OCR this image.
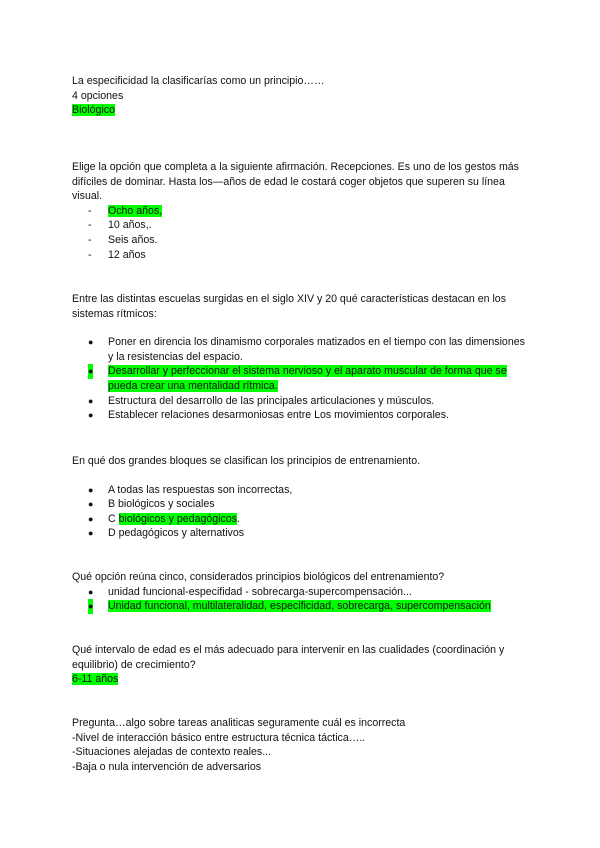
La especificidad la clasificarías como un principio……

4 opciones

Biológico

Elige la opción que completa a la siguiente afirmación. Recepciones. Es uno de los gestos más difíciles de dominar. Hasta los—años de edad le costará coger objetos que superen su línea visual.

- Ocho años,
- 10 años,.
- Seis años.
- 12 años

Entre las distintas escuelas surgidas en el siglo XIV y 20 qué características destacan en los sistemas rítmicos:

● Poner en direncia los dinamismo corporales matizados en el tiempo con las dimensiones y la resistencias del espacio.
● Desarrollar y perfeccionar el sistema nervioso y el aparato muscular de forma que se pueda crear una mentalidad rítmica.
● Estructura del desarrollo de las principales articulaciones y músculos.
● Establecer relaciones desarmoniosas entre Los movimientos corporales.

En qué dos grandes bloques se clasifican los principios de entrenamiento.

● A todas las respuestas son incorrectas,
● B biológicos y sociales
● C biológicos y pedagógicos.
● D pedagógicos y alternativos

Qué opción reúna cinco, considerados principios biológicos del entrenamiento?

● unidad funcional-especifidad - sobrecarga-supercompensación...
● Unidad funcional, multilateralidad, especificidad, sobrecarga, supercompensación

Qué intervalo de edad es el más adecuado para intervenir en las cualidades (coordinación y equilibrio) de crecimiento?

6-11 años

Pregunta…algo sobre tareas analiticas seguramente cuál es incorrecta

-Nivel de interacción básico entre estructura técnica táctica…..

-Situaciones alejadas de contexto reales...

-Baja o nula intervención de adversarios
